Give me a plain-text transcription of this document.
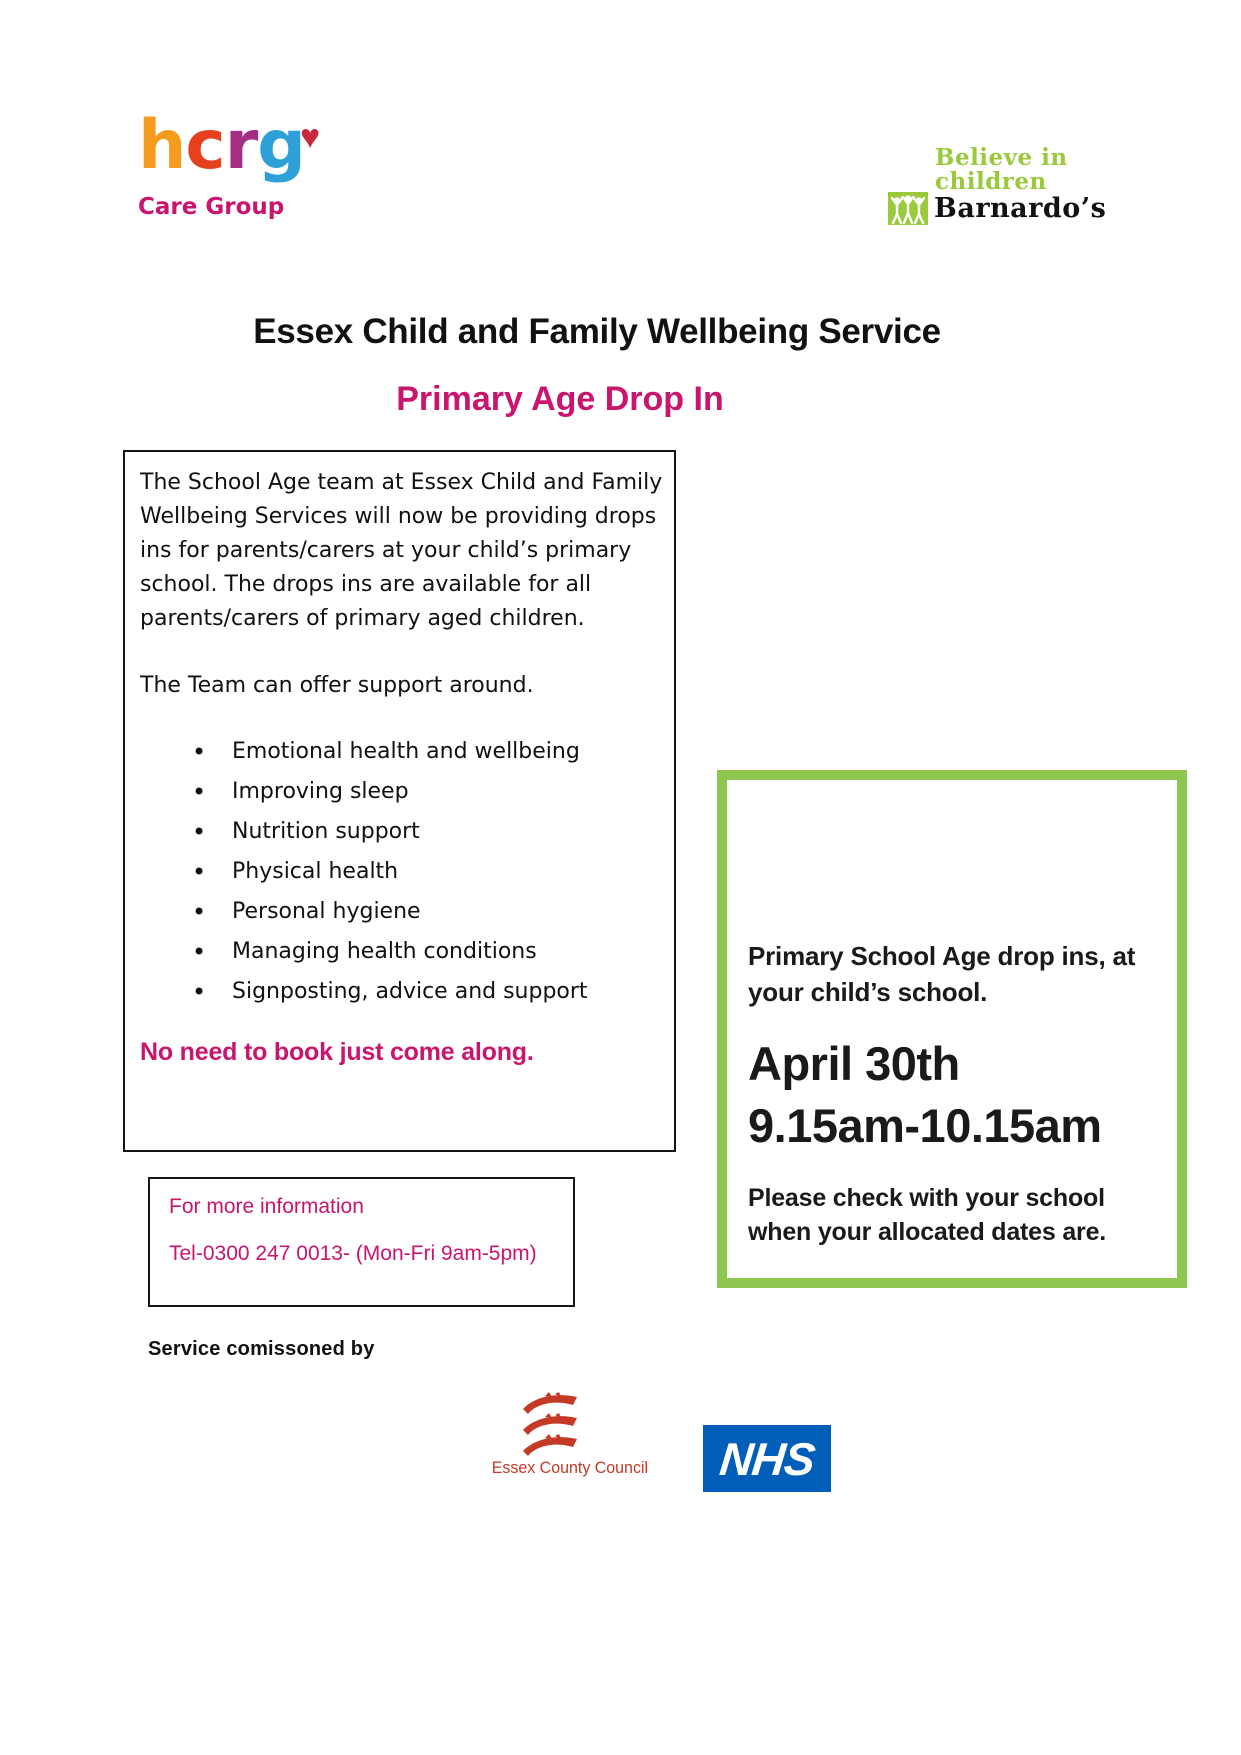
hcrg
♥
Care Group
Believe in
children
Barnardo’s
Essex Child and Family Wellbeing Service
Primary Age Drop In

The School Age team at Essex Child and Family Wellbeing Services will now be providing drops ins for parents/carers at your child’s primary school. The drops ins are available for all parents/carers of primary aged children.

The Team can offer support around.

• Emotional health and wellbeing
• Improving sleep
• Nutrition support
• Physical health
• Personal hygiene
• Managing health conditions
• Signposting, advice and support

No need to book just come along.

For more information
Tel-0300 247 0013- (Mon-Fri 9am-5pm)
Primary School Age drop ins, at your child’s school.
April 30th
9.15am-10.15am
Please check with your school when your allocated dates are.
Service comissoned by
Essex County Council NHS
